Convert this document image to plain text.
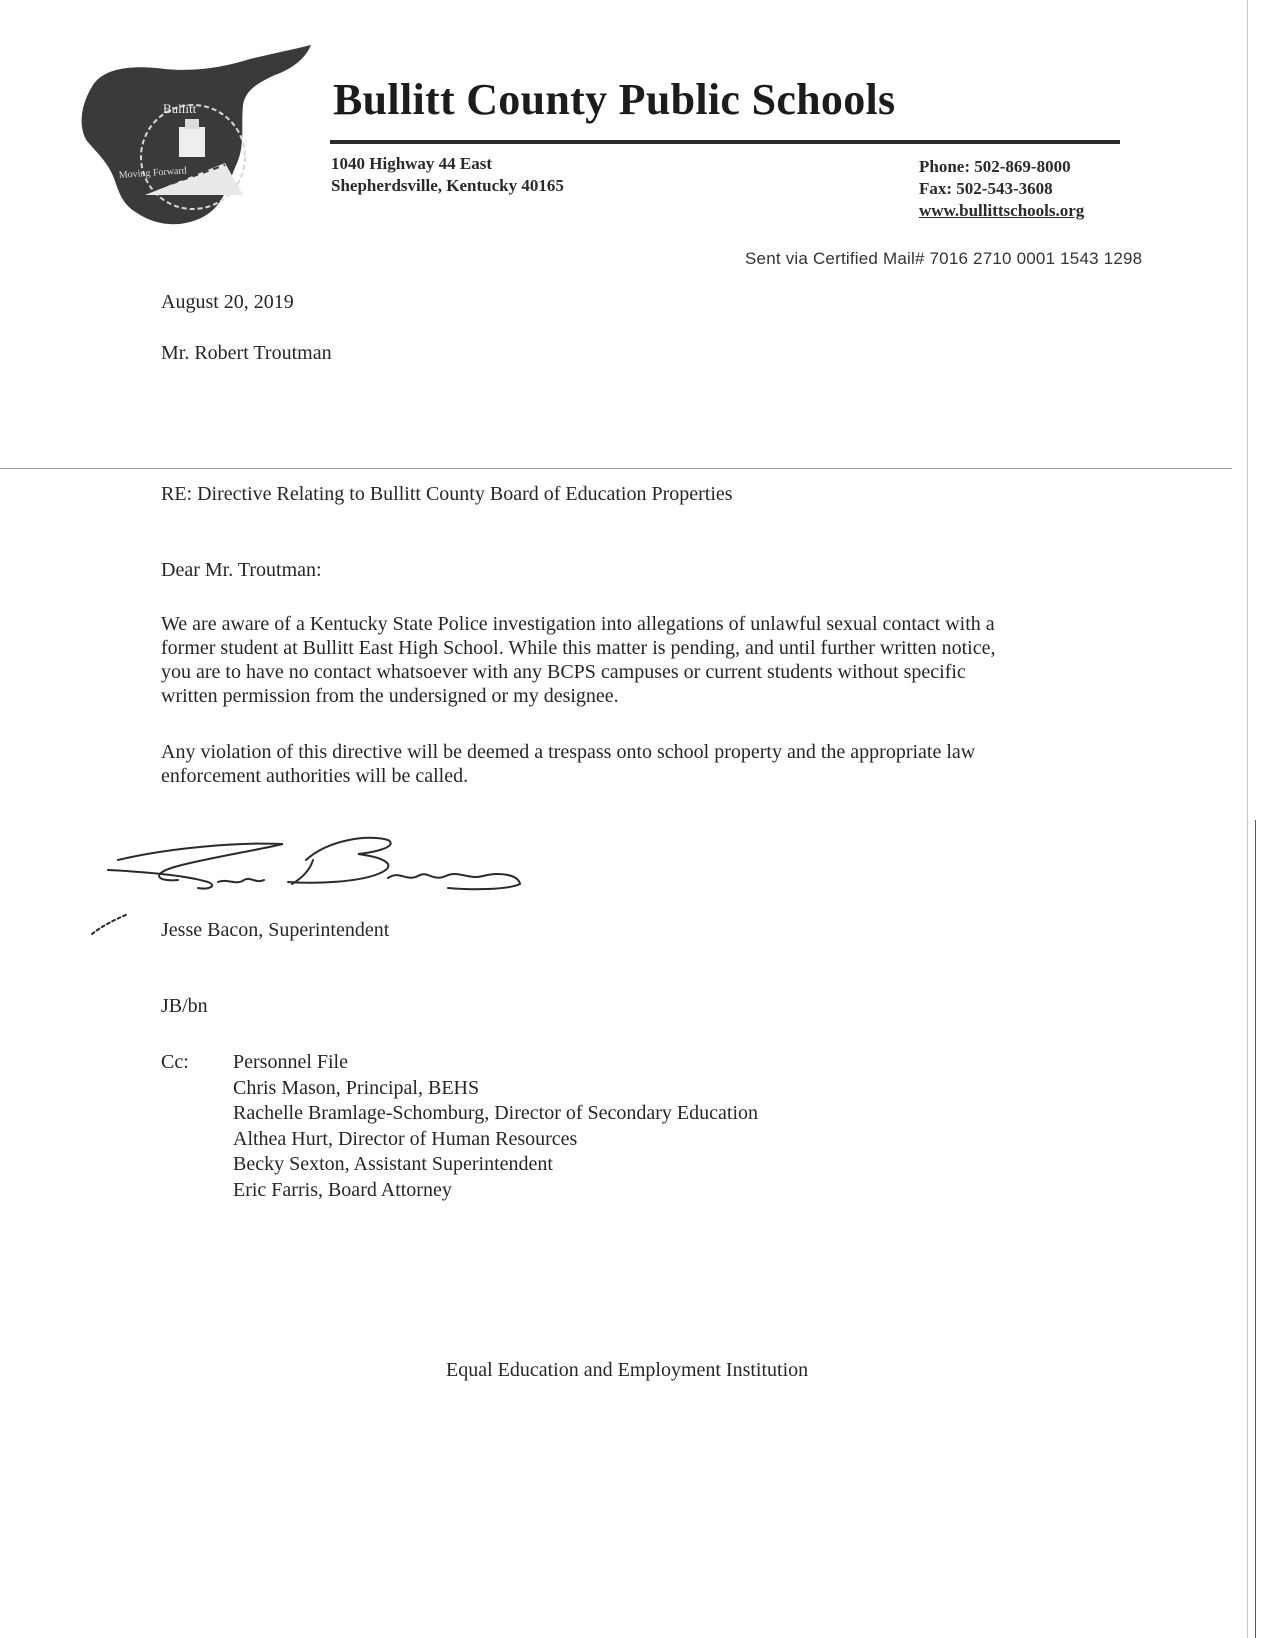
Bullitt
Moving Forward
Bullitt County Public Schools
1040 Highway 44 East
Shepherdsville, Kentucky 40165
Phone: 502-869-8000
Fax: 502-543-3608
www.bullittschools.org
Sent via Certified Mail# 7016 2710 0001 1543 1298
August 20, 2019
Mr. Robert Troutman
RE: Directive Relating to Bullitt County Board of Education Properties
Dear Mr. Troutman:
We are aware of a Kentucky State Police investigation into allegations of unlawful sexual contact with a
former student at Bullitt East High School. While this matter is pending, and until further written notice,
you are to have no contact whatsoever with any BCPS campuses or current students without specific
written permission from the undersigned or my designee.
Any violation of this directive will be deemed a trespass onto school property and the appropriate law
enforcement authorities will be called.
Jesse Bacon, Superintendent
JB/bn
Cc: Personnel File
Chris Mason, Principal, BEHS
Rachelle Bramlage-Schomburg, Director of Secondary Education
Althea Hurt, Director of Human Resources
Becky Sexton, Assistant Superintendent
Eric Farris, Board Attorney
Equal Education and Employment Institution
